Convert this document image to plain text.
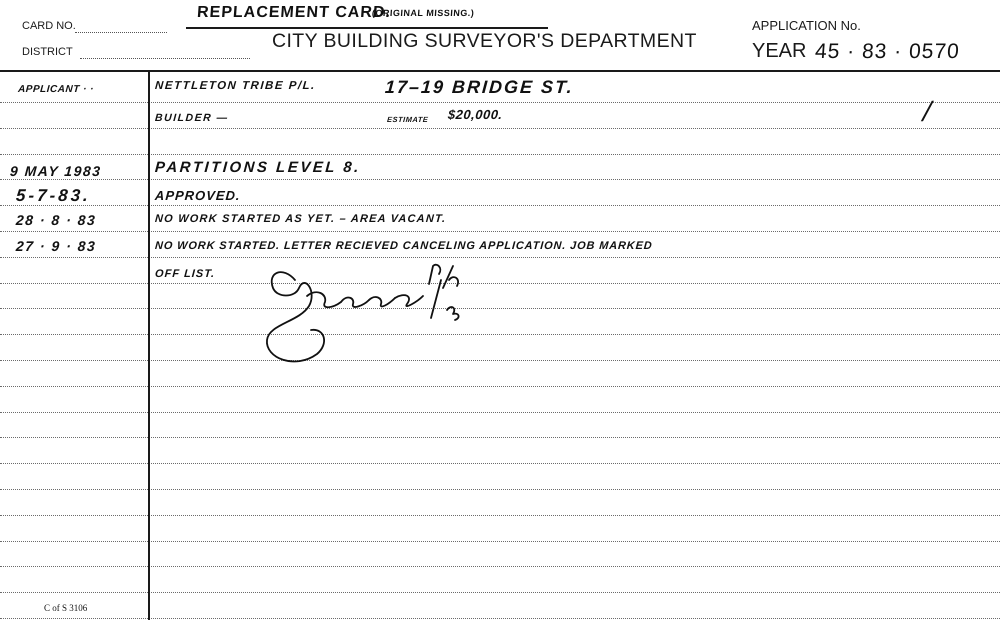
CARD NO.
DISTRICT
REPLACEMENT CARD.
(ORIGINAL MISSING.)
CITY BUILDING SURVEYOR'S DEPARTMENT
APPLICATION No.
YEAR 45 · 83 · 0570
APPLICANT · ·	NETTLETON TRIBE P/L.	17–19 BRIDGE ST.
BUILDER —	ESTIMATE $20,000.	/
9 MAY 1983	PARTITIONS LEVEL 8.
5-7-83.	APPROVED.
28 · 8 · 83	NO WORK STARTED AS YET. – AREA VACANT.
27 · 9 · 83	NO WORK STARTED. LETTER RECIEVED CANCELING APPLICATION. JOB MARKED
OFF LIST.
C of S 3106
